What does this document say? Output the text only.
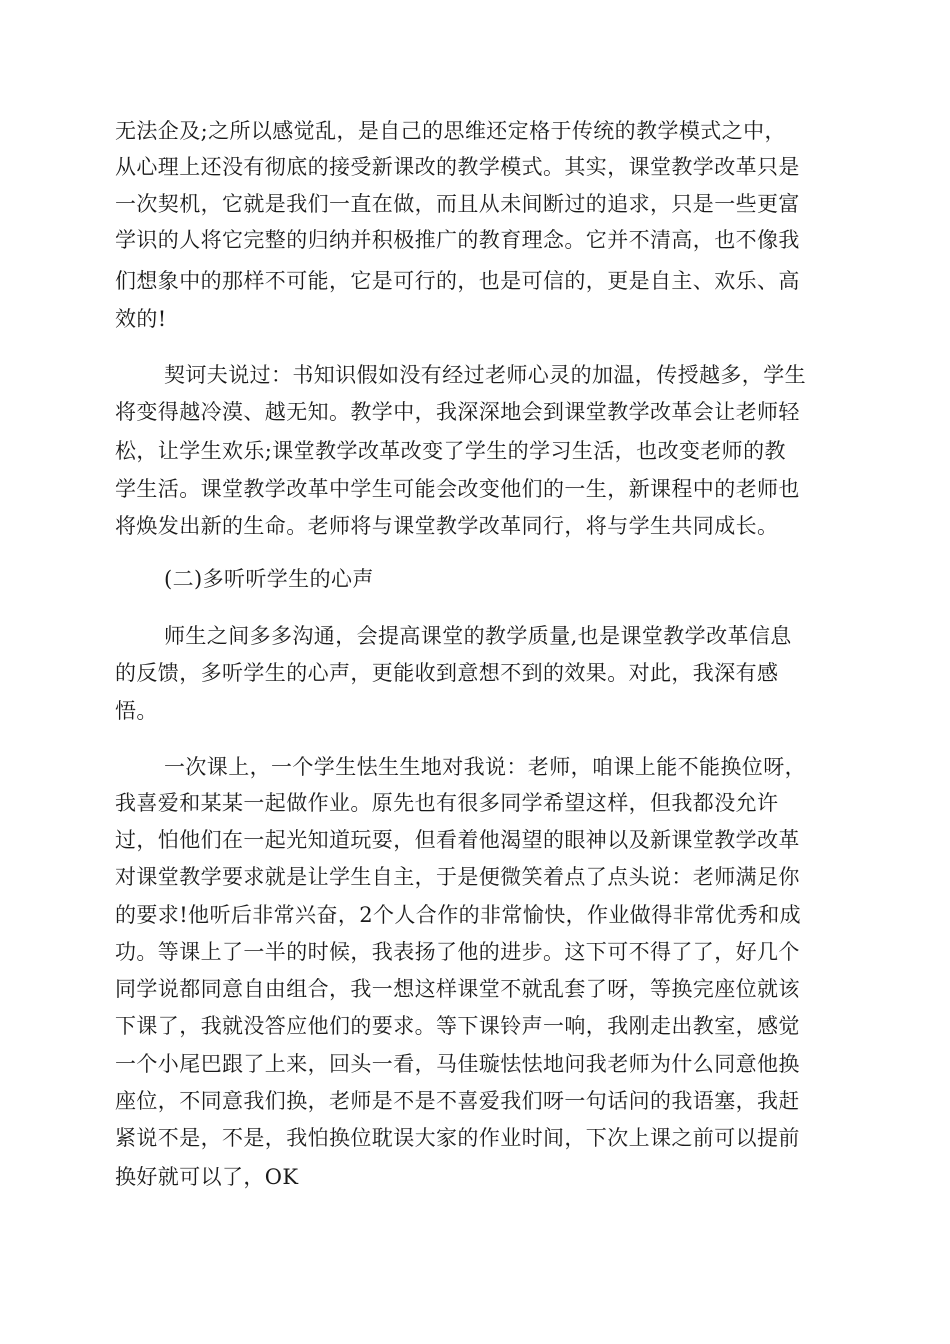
无法企及;之所以感觉乱，是自己的思维还定格于传统的教学模式之中，
从心理上还没有彻底的接受新课改的教学模式。其实，课堂教学改革只是
一次契机，它就是我们一直在做，而且从未间断过的追求，只是一些更富
学识的人将它完整的归纳并积极推广的教育理念。它并不清高，也不像我
们想象中的那样不可能，它是可行的，也是可信的，更是自主、欢乐、高
效的!
契诃夫说过：书知识假如没有经过老师心灵的加温，传授越多，学生
将变得越冷漠、越无知。教学中，我深深地会到课堂教学改革会让老师轻
松，让学生欢乐;课堂教学改革改变了学生的学习生活，也改变老师的教
学生活。课堂教学改革中学生可能会改变他们的一生，新课程中的老师也
将焕发出新的生命。老师将与课堂教学改革同行，将与学生共同成长。
(二)多听听学生的心声
师生之间多多沟通，会提高课堂的教学质量,也是课堂教学改革信息
的反馈，多听学生的心声，更能收到意想不到的效果。对此，我深有感
悟。
一次课上，一个学生怯生生地对我说：老师，咱课上能不能换位呀，
我喜爱和某某一起做作业。原先也有很多同学希望这样，但我都没允许
过，怕他们在一起光知道玩耍，但看着他渴望的眼神以及新课堂教学改革
对课堂教学要求就是让学生自主，于是便微笑着点了点头说：老师满足你
的要求!他听后非常兴奋，2个人合作的非常愉快，作业做得非常优秀和成
功。等课上了一半的时候，我表扬了他的进步。这下可不得了了，好几个
同学说都同意自由组合，我一想这样课堂不就乱套了呀，等换完座位就该
下课了，我就没答应他们的要求。等下课铃声一响，我刚走出教室，感觉
一个小尾巴跟了上来，回头一看，马佳璇怯怯地问我老师为什么同意他换
座位，不同意我们换，老师是不是不喜爱我们呀一句话问的我语塞，我赶
紧说不是，不是，我怕换位耽误大家的作业时间，下次上课之前可以提前
换好就可以了，OK
